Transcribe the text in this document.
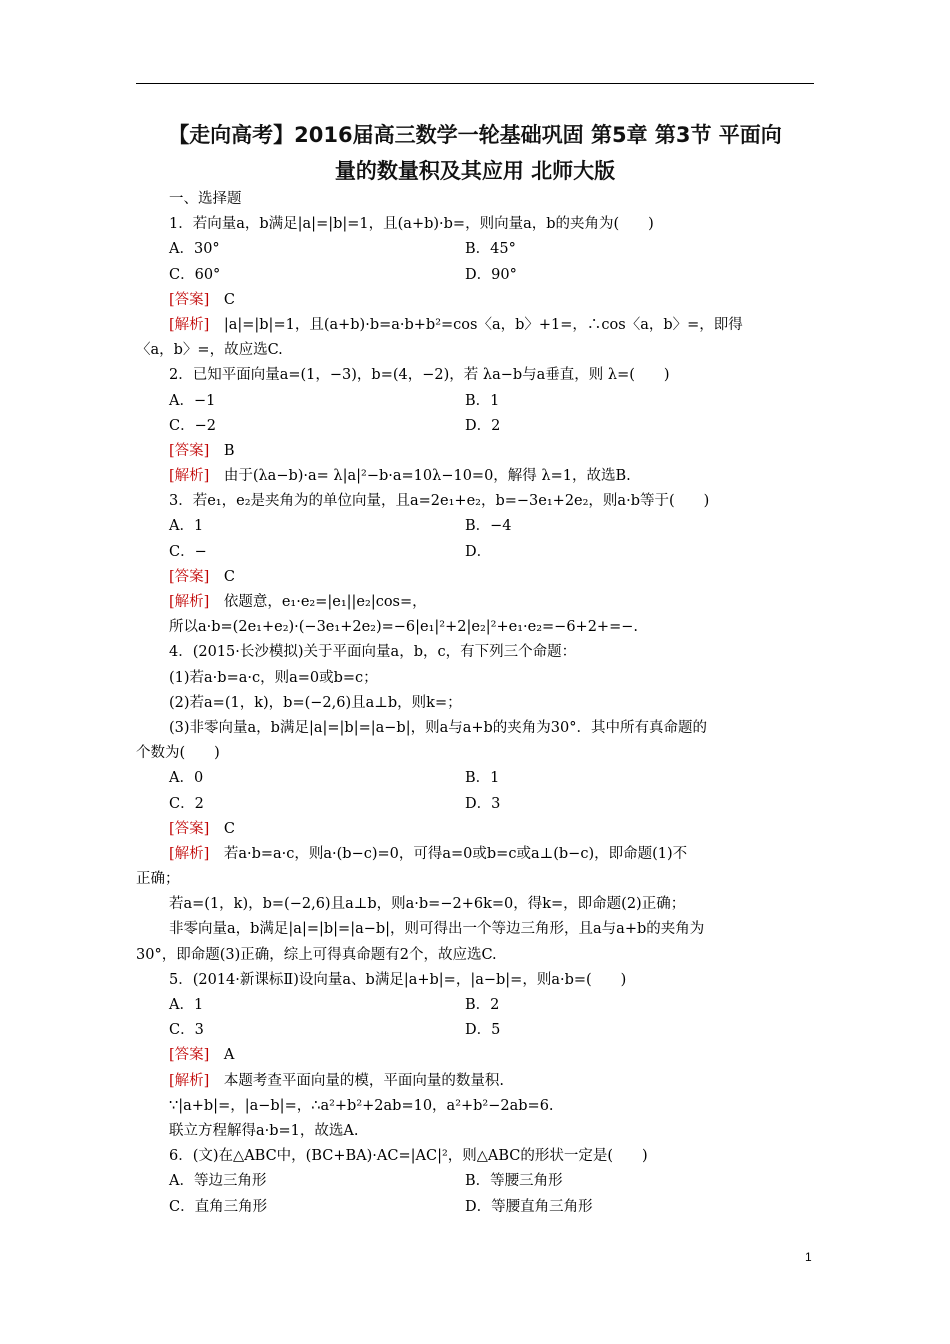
【走向高考】2016届高三数学一轮基础巩固 第5章 第3节 平面向
量的数量积及其应用 北师大版
一、选择题
1．若向量a，b满足|a|=|b|=1，且(a+b)·b=，则向量a，b的夹角为(　　)
A．30°	B．45°
C．60°	D．90°
[答案]　 C
[解析]　 |a|=|b|=1，且(a+b)·b=a·b+b²=cos〈a，b〉+1=，∴cos〈a，b〉=，即得
〈a，b〉=，故应选C.
2．已知平面向量a=(1，−3)，b=(4，−2)，若 λa−b与a垂直，则 λ=(　　)
A．−1	B．1
C．−2	D．2
[答案]　 B
[解析]　 由于(λa−b)·a= λ|a|²−b·a=10λ−10=0，解得 λ=1，故选B.
3．若e₁，e₂是夹角为的单位向量，且a=2e₁+e₂，b=−3e₁+2e₂，则a·b等于(　　)
A．1	B．−4
C．−	D．
[答案]　 C
[解析]　 依题意，e₁·e₂=|e₁||e₂|cos=，
所以a·b=(2e₁+e₂)·(−3e₁+2e₂)=−6|e₁|²+2|e₂|²+e₁·e₂=−6+2+=−.
4．(2015·长沙模拟)关于平面向量a，b，c，有下列三个命题：
(1)若a·b=a·c，则a=0或b=c；
(2)若a=(1，k)，b=(−2,6)且a⊥b，则k=；
(3)非零向量a，b满足|a|=|b|=|a−b|，则a与a+b的夹角为30°．其中所有真命题的
个数为(　　)
A．0	B．1
C．2	D．3
[答案]　 C
[解析]　 若a·b=a·c，则a·(b−c)=0，可得a=0或b=c或a⊥(b−c)，即命题(1)不
正确；
若a=(1，k)，b=(−2,6)且a⊥b，则a·b=−2+6k=0，得k=，即命题(2)正确；
非零向量a，b满足|a|=|b|=|a−b|，则可得出一个等边三角形，且a与a+b的夹角为
30°，即命题(3)正确，综上可得真命题有2个，故应选C.
5．(2014·新课标Ⅱ)设向量a、b满足|a+b|=，|a−b|=，则a·b=(　　)
A．1	B．2
C．3	D．5
[答案]　 A
[解析]　 本题考查平面向量的模，平面向量的数量积.
∵|a+b|=，|a−b|=，∴a²+b²+2ab=10，a²+b²−2ab=6.
联立方程解得a·b=1，故选A.
6．(文)在△ABC中，(BC+BA)·AC=|AC|²，则△ABC的形状一定是(　　)
A．等边三角形	B．等腰三角形
C．直角三角形	D．等腰直角三角形
1
